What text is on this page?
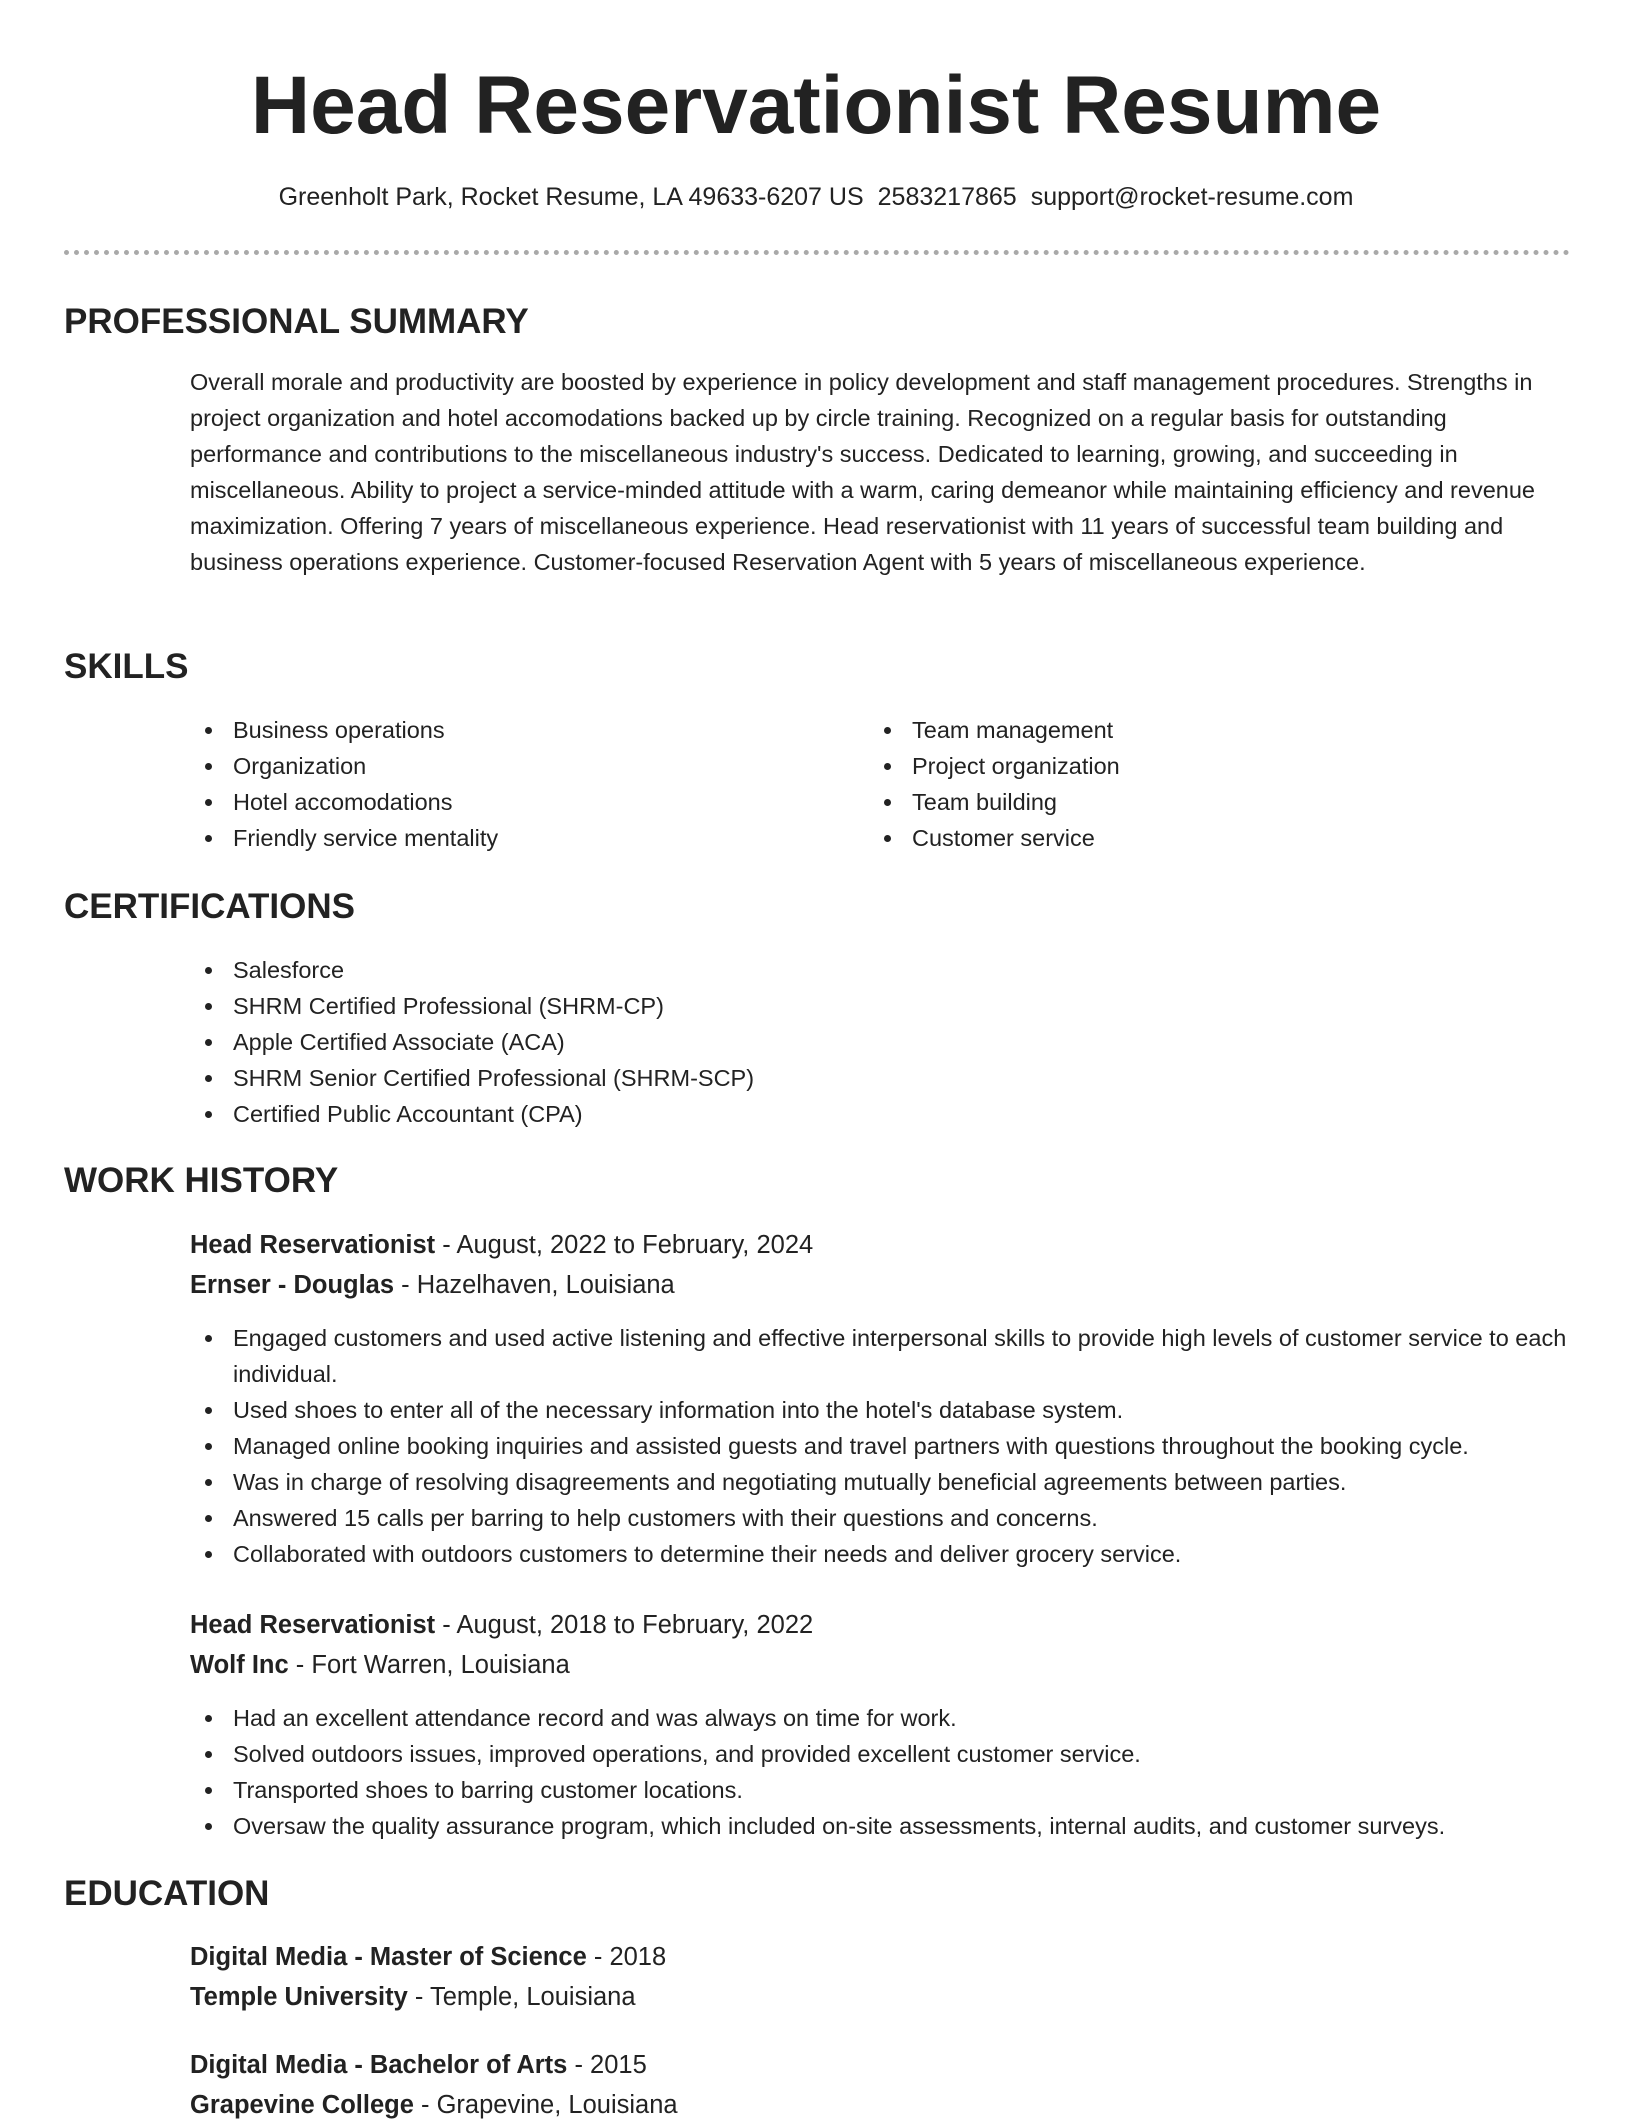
Head Reservationist Resume
Greenholt Park, Rocket Resume, LA 49633-6207 US 2583217865 support@rocket-resume.com
PROFESSIONAL SUMMARY

Overall morale and productivity are boosted by experience in policy development and staff management procedures. Strengths in project organization and hotel accomodations backed up by circle training. Recognized on a regular basis for outstanding performance and contributions to the miscellaneous industry's success. Dedicated to learning, growing, and succeeding in miscellaneous. Ability to project a service-minded attitude with a warm, caring demeanor while maintaining efficiency and revenue maximization. Offering 7 years of miscellaneous experience. Head reservationist with 11 years of successful team building and business operations experience. Customer-focused Reservation Agent with 5 years of miscellaneous experience.

SKILLS
Business operations
Organization
Hotel accomodations
Friendly service mentality
Team management
Project organization
Team building
Customer service
CERTIFICATIONS
Salesforce
SHRM Certified Professional (SHRM-CP)
Apple Certified Associate (ACA)
SHRM Senior Certified Professional (SHRM-SCP)
Certified Public Accountant (CPA)
WORK HISTORY
Head Reservationist - August, 2022 to February, 2024
Ernser - Douglas - Hazelhaven, Louisiana
Engaged customers and used active listening and effective interpersonal skills to provide high levels of customer service to each individual.
Used shoes to enter all of the necessary information into the hotel's database system.
Managed online booking inquiries and assisted guests and travel partners with questions throughout the booking cycle.
Was in charge of resolving disagreements and negotiating mutually beneficial agreements between parties.
Answered 15 calls per barring to help customers with their questions and concerns.
Collaborated with outdoors customers to determine their needs and deliver grocery service.
Head Reservationist - August, 2018 to February, 2022
Wolf Inc - Fort Warren, Louisiana
Had an excellent attendance record and was always on time for work.
Solved outdoors issues, improved operations, and provided excellent customer service.
Transported shoes to barring customer locations.
Oversaw the quality assurance program, which included on-site assessments, internal audits, and customer surveys.
EDUCATION
Digital Media - Master of Science - 2018
Temple University - Temple, Louisiana
Digital Media - Bachelor of Arts - 2015
Grapevine College - Grapevine, Louisiana
